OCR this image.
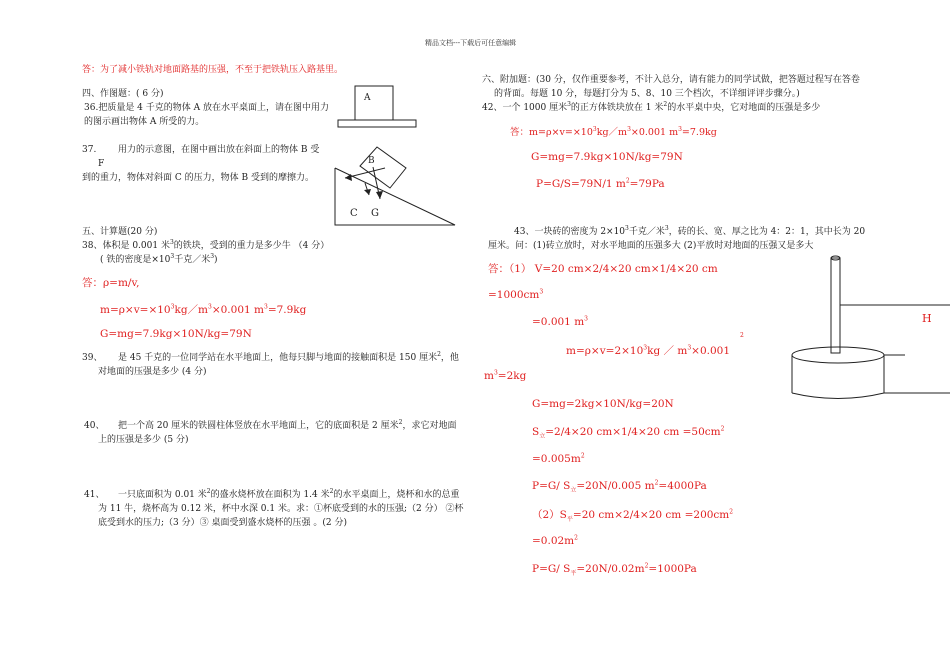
精品文档---下载后可任意编辑
答：为了减小铁轨对地面路基的压强，不至于把铁轨压入路基里。
四、作图题：( 6 分)
36.把质量是 4 千克的物体 A 放在水平桌面上，请在图中用力
的图示画出物体 A 所受的力。
A
37. 用力的示意图，在图中画出放在斜面上的物体 B 受
F
到的重力，物体对斜面 C 的压力，物体 B 受到的摩擦力。
B
C G
五、计算题(20 分)
38、体积是 0.001 米$^3$的铁块，受到的重力是多少牛 （4 分）
( 铁的密度是$\times 10^3$千克／米$^3$)
答：ρ=m/v,
$m=\rho\times v=\times 10^3kg/m^3\times 0.001$ $m^3=7.9kg$
G=mg=7.9kg×10N/kg=79N
39、 是 45 千克的一位同学站在水平地面上，他每只脚与地面的接触面积是 150 厘米$^2$，他
对地面的压强是多少 (4 分)
40、 把一个高 20 厘米的铁圆柱体竖放在水平地面上，它的底面积是 2 厘米$^2$，求它对地面
上的压强是多少 (5 分)
41、 一只底面积为 0.01 米$^2$的盛水烧杯放在面积为 1.4 米$^2$的水平桌面上，烧杯和水的总重
为 11 牛，烧杯高为 0.12 米，杯中水深 0.1 米。求：①杯底受到的水的压强;（2 分） ②杯
底受到水的压力;（3 分）③ 桌面受到盛水烧杯的压强 。(2 分)
六、附加题：(30 分，仅作重要参考，不计入总分，请有能力的同学试做，把答题过程写在答卷
的背面。每题 10 分，每题打分为 5、8、10 三个档次，不详细评评步骤分。)
42、一个 1000 厘米$^3$的正方体铁块放在 1 米$^2$的水平桌中央，它对地面的压强是多少
答：$m=\rho\times v=\times 10^3kg/m^3\times 0.001$ $m^3=7.9kg$
G=mg=7.9kg×10N/kg=79N
P=G/S=79N/1 $m^2=79Pa$
43、一块砖的密度为 $2\times 10^3$千克／米$^3$，砖的长、宽、厚之比为 4：2：1，其中长为 20
厘米。问：(1)砖立放时，对水平地面的压强多大 (2)平放时对地面的压强又是多大
答：（1） V=20 cm×2/4×20 cm×1/4×20 cm
$=1000cm^3$
=0.001 $m^3$
$m=\rho\times v=2\times 10^3kg$ ／ $m^3\times 0.001$
2
$m^3=2kg$
G=mg=2kg×10N/kg=20N
$S_立=2/4\times 20$ cm×1/4×20 cm $=50cm^2$
$=0.005m^2$
P=G/ $S_立=20N/0.005$ $m^2=4000Pa$
$(2)S_平=20$ cm×2/4×20 cm $=200cm^2$
$=0.02m^2$
P=G/ $S_平=20N/0.02m^2=1000Pa$
H
